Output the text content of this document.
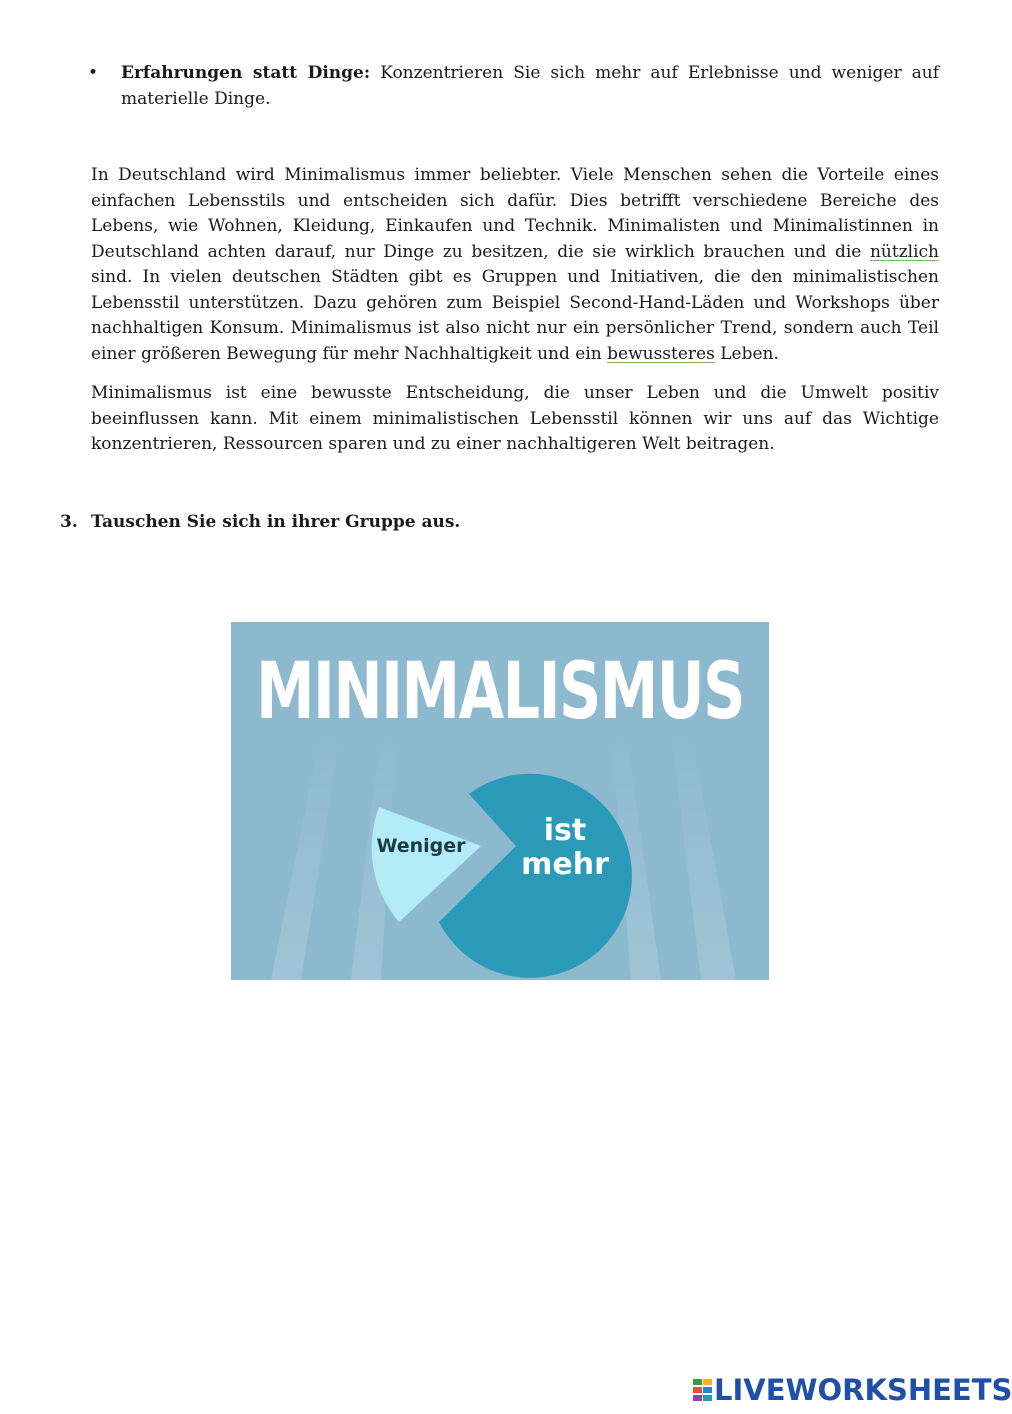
• Erfahrungen statt Dinge: Konzentrieren Sie sich mehr auf Erlebnisse und weniger auf materielle Dinge.

In Deutschland wird Minimalismus immer beliebter. Viele Menschen sehen die Vorteile eines einfachen Lebensstils und entscheiden sich dafür. Dies betrifft verschiedene Bereiche des Lebens, wie Wohnen, Kleidung, Einkaufen und Technik. Minimalisten und Minimalistinnen in Deutschland achten darauf, nur Dinge zu besitzen, die sie wirklich brauchen und die nützlich sind. In vielen deutschen Städten gibt es Gruppen und Initiativen, die den minimalistischen Lebensstil unterstützen. Dazu gehören zum Beispiel Second-Hand-Läden und Workshops über nachhaltigen Konsum. Minimalismus ist also nicht nur ein persönlicher Trend, sondern auch Teil einer größeren Bewegung für mehr Nachhaltigkeit und ein bewussteres Leben.

Minimalismus ist eine bewusste Entscheidung, die unser Leben und die Umwelt positiv beeinflussen kann. Mit einem minimalistischen Lebensstil können wir uns auf das Wichtige konzentrieren, Ressourcen sparen und zu einer nachhaltigeren Welt beitragen.

3. Tauschen Sie sich in ihrer Gruppe aus.

MINIMALISMUS
Weniger	ist
mehr
LIVEWORKSHEETS
